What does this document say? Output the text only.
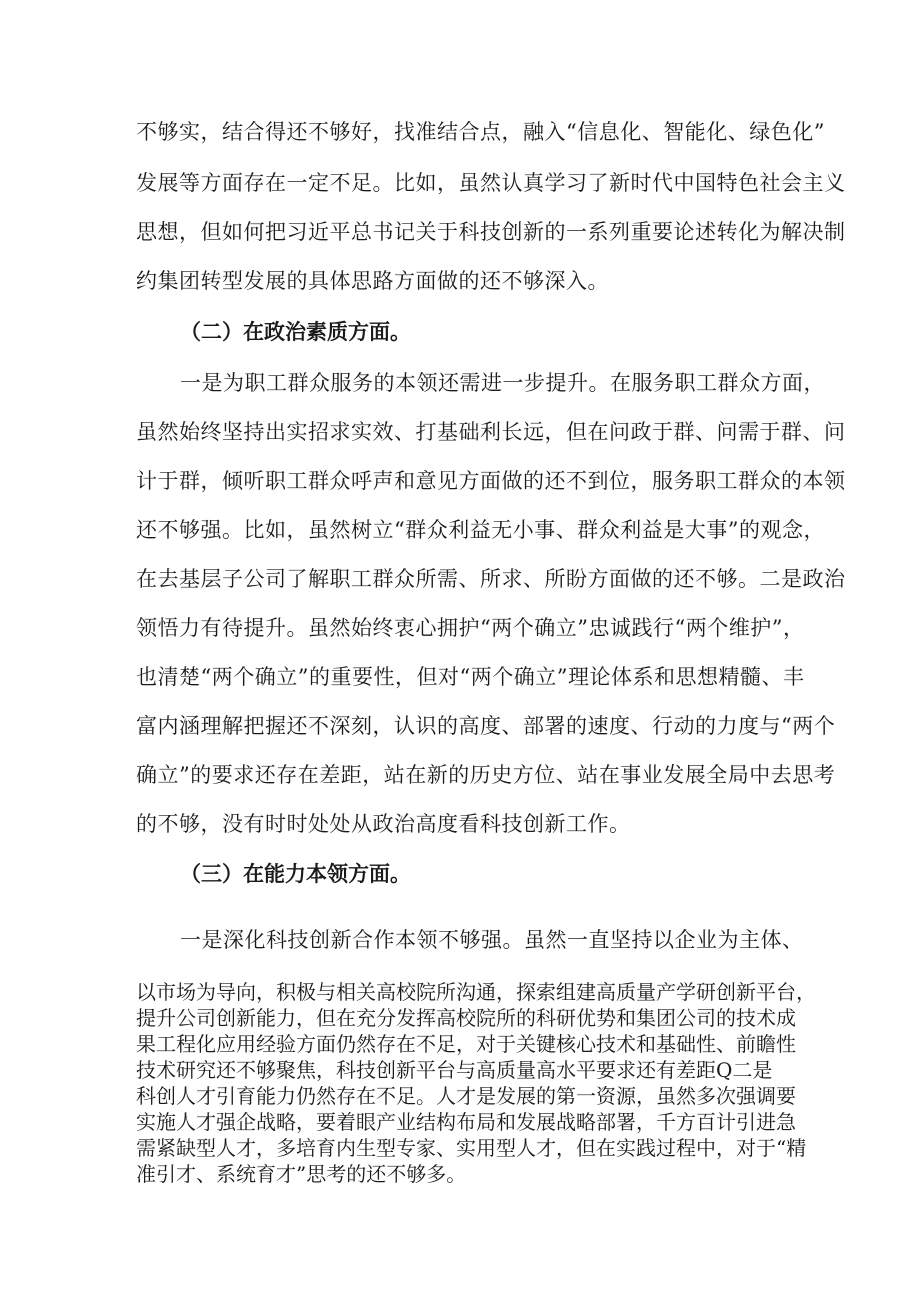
不够实，结合得还不够好，找准结合点，融入“信息化、智能化、绿色化”
发展等方面存在一定不足。比如，虽然认真学习了新时代中国特色社会主义
思想，但如何把习近平总书记关于科技创新的一系列重要论述转化为解决制
约集团转型发展的具体思路方面做的还不够深入。
（二）在政治素质方面。
一是为职工群众服务的本领还需进一步提升。在服务职工群众方面，
虽然始终坚持出实招求实效、打基础利长远，但在问政于群、问需于群、问
计于群，倾听职工群众呼声和意见方面做的还不到位，服务职工群众的本领
还不够强。比如，虽然树立“群众利益无小事、群众利益是大事”的观念，
在去基层子公司了解职工群众所需、所求、所盼方面做的还不够。二是政治
领悟力有待提升。虽然始终衷心拥护“两个确立”忠诚践行“两个维护”，
也清楚“两个确立”的重要性，但对“两个确立”理论体系和思想精髓、丰
富内涵理解把握还不深刻，认识的高度、部署的速度、行动的力度与“两个
确立”的要求还存在差距，站在新的历史方位、站在事业发展全局中去思考
的不够，没有时时处处从政治高度看科技创新工作。
（三）在能力本领方面。
一是深化科技创新合作本领不够强。虽然一直坚持以企业为主体、
以市场为导向，积极与相关高校院所沟通，探索组建高质量产学研创新平台，
提升公司创新能力，但在充分发挥高校院所的科研优势和集团公司的技术成
果工程化应用经验方面仍然存在不足，对于关键核心技术和基础性、前瞻性
技术研究还不够聚焦，科技创新平台与高质量高水平要求还有差距Q二是
科创人才引育能力仍然存在不足。人才是发展的第一资源，虽然多次强调要
实施人才强企战略，要着眼产业结构布局和发展战略部署，千方百计引进急
需紧缺型人才，多培育内生型专家、实用型人才，但在实践过程中，对于“精
准引才、系统育才”思考的还不够多。
